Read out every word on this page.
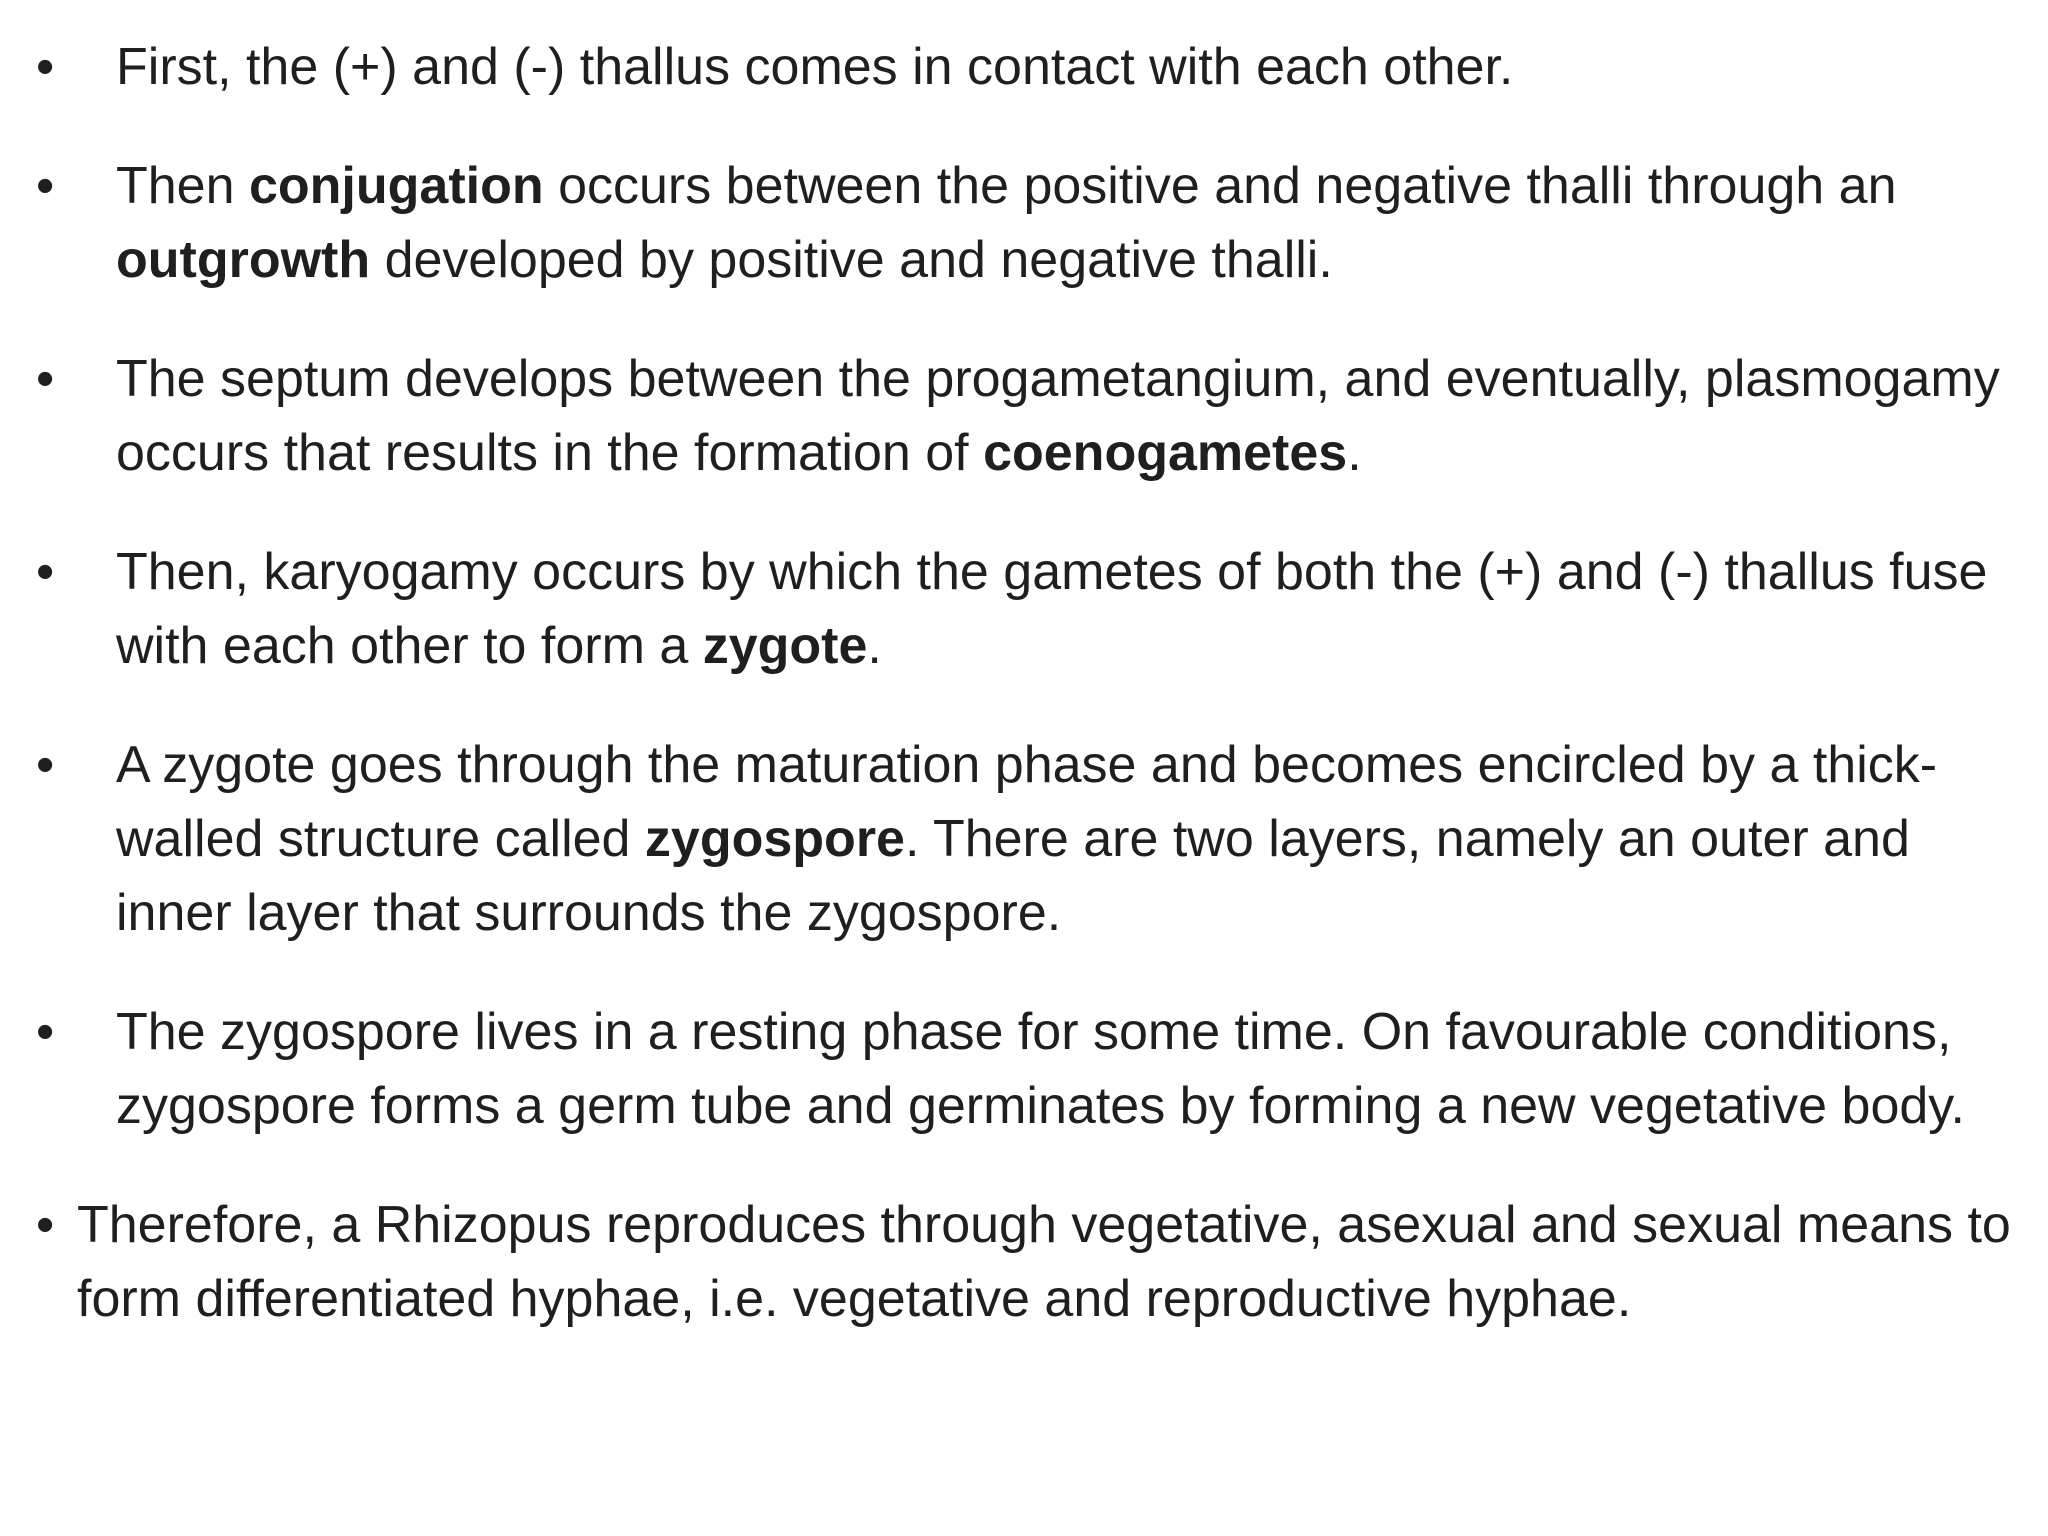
• First, the (+) and (-) thallus comes in contact with each other.
• Then conjugation occurs between the positive and negative thalli through an outgrowth developed by positive and negative thalli.
• The septum develops between the progametangium, and eventually, plasmogamy occurs that results in the formation of coenogametes.
• Then, karyogamy occurs by which the gametes of both the (+) and (-) thallus fuse with each other to form a zygote.
• A zygote goes through the maturation phase and becomes encircled by a thick-walled structure called zygospore. There are two layers, namely an outer and inner layer that surrounds the zygospore.
• The zygospore lives in a resting phase for some time. On favourable conditions, zygospore forms a germ tube and germinates by forming a new vegetative body.
• Therefore, a Rhizopus reproduces through vegetative, asexual and sexual means to form differentiated hyphae, i.e. vegetative and reproductive hyphae.
